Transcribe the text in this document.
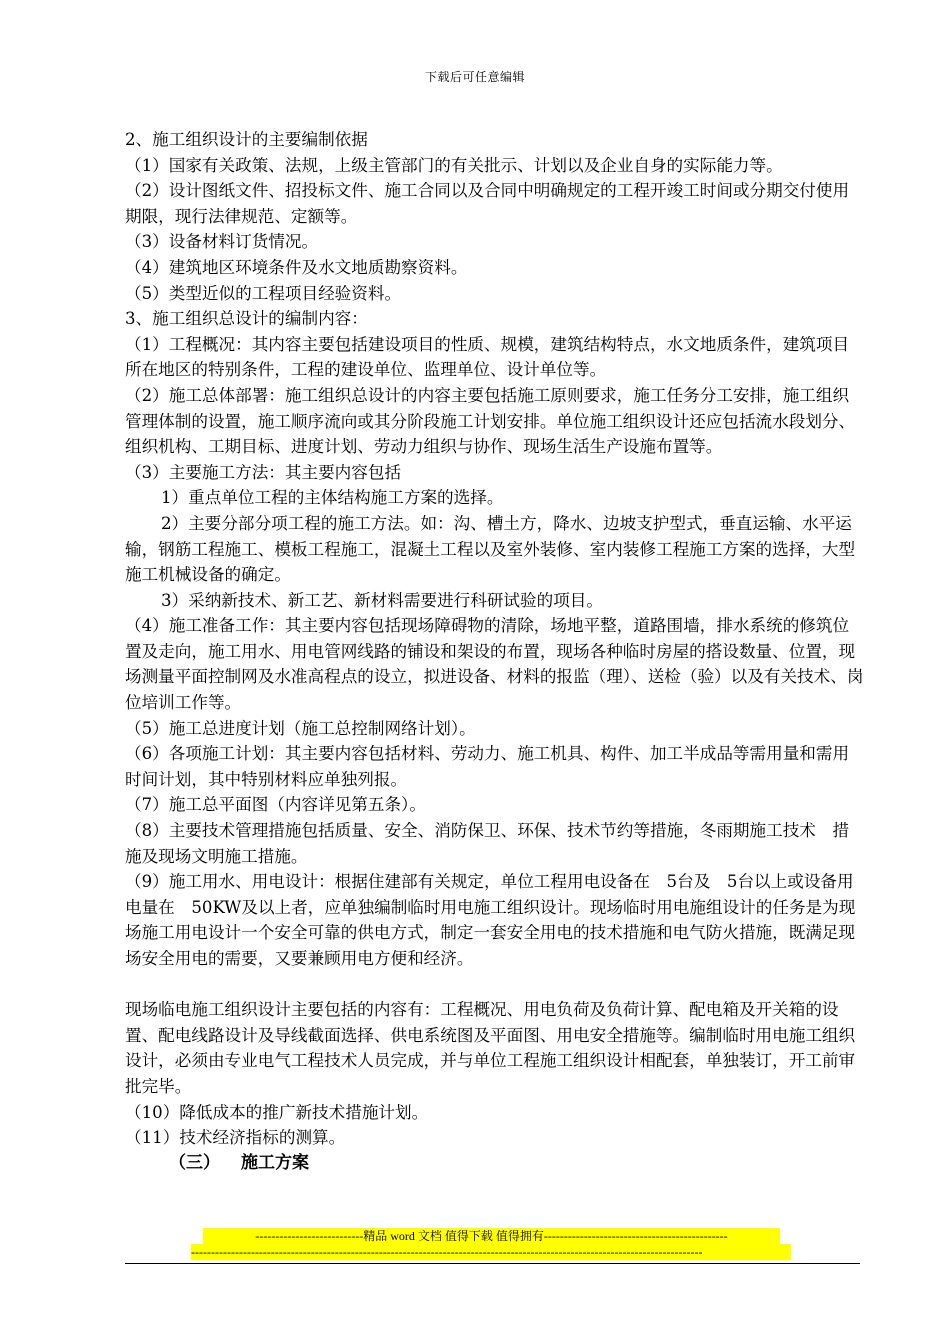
下载后可任意编辑

2、施工组织设计的主要编制依据

（1）国家有关政策、法规，上级主管部门的有关批示、计划以及企业自身的实际能力等。

（2）设计图纸文件、招投标文件、施工合同以及合同中明确规定的工程开竣工时间或分期交付使用期限，现行法律规范、定额等。

（3）设备材料订货情况。

（4）建筑地区环境条件及水文地质勘察资料。

（5）类型近似的工程项目经验资料。

3、施工组织总设计的编制内容：

（1）工程概况：其内容主要包括建设项目的性质、规模，建筑结构特点，水文地质条件，建筑项目所在地区的特别条件，工程的建设单位、监理单位、设计单位等。

（2）施工总体部署：施工组织总设计的内容主要包括施工原则要求，施工任务分工安排，施工组织管理体制的设置，施工顺序流向或其分阶段施工计划安排。单位施工组织设计还应包括流水段划分、组织机构、工期目标、进度计划、劳动力组织与协作、现场生活生产设施布置等。

（3）主要施工方法：其主要内容包括

1）重点单位工程的主体结构施工方案的选择。

2）主要分部分项工程的施工方法。如：沟、槽土方，降水、边坡支护型式，垂直运输、水平运输，钢筋工程施工、模板工程施工，混凝土工程以及室外装修、室内装修工程施工方案的选择，大型施工机械设备的确定。

3）采纳新技术、新工艺、新材料需要进行科研试验的项目。

（4）施工准备工作：其主要内容包括现场障碍物的清除，场地平整，道路围墙，排水系统的修筑位置及走向，施工用水、用电管网线路的铺设和架设的布置，现场各种临时房屋的搭设数量、位置，现场测量平面控制网及水准高程点的设立，拟进设备、材料的报监（理）、送检（验）以及有关技术、岗位培训工作等。

（5）施工总进度计划（施工总控制网络计划）。

（6）各项施工计划：其主要内容包括材料、劳动力、施工机具、构件、加工半成品等需用量和需用时间计划，其中特别材料应单独列报。

（7）施工总平面图（内容详见第五条）。

（8）主要技术管理措施包括质量、安全、消防保卫、环保、技术节约等措施，冬雨期施工技术　措施及现场文明施工措施。

（9）施工用水、用电设计：根据住建部有关规定，单位工程用电设备在　5台及　5台以上或设备用电量在　50KW及以上者，应单独编制临时用电施工组织设计。现场临时用电施组设计的任务是为现场施工用电设计一个安全可靠的供电方式，制定一套安全用电的技术措施和电气防火措施，既满足现场安全用电的需要，又要兼顾用电方便和经济。

现场临电施工组织设计主要包括的内容有：工程概况、用电负荷及负荷计算、配电箱及开关箱的设置、配电线路设计及导线截面选择、供电系统图及平面图、用电安全措施等。编制临时用电施工组织设计，必须由专业电气工程技术人员完成，并与单位工程施工组织设计相配套，单独装订，开工前审批完毕。

（10）降低成本的推广新技术措施计划。

（11）技术经济指标的测算。

（三） 施工方案

---------------------------精品 word 文档 值得下载 值得拥有----------------------------------------------
--------------------------------------------------------------------------------------------------------------------------------
